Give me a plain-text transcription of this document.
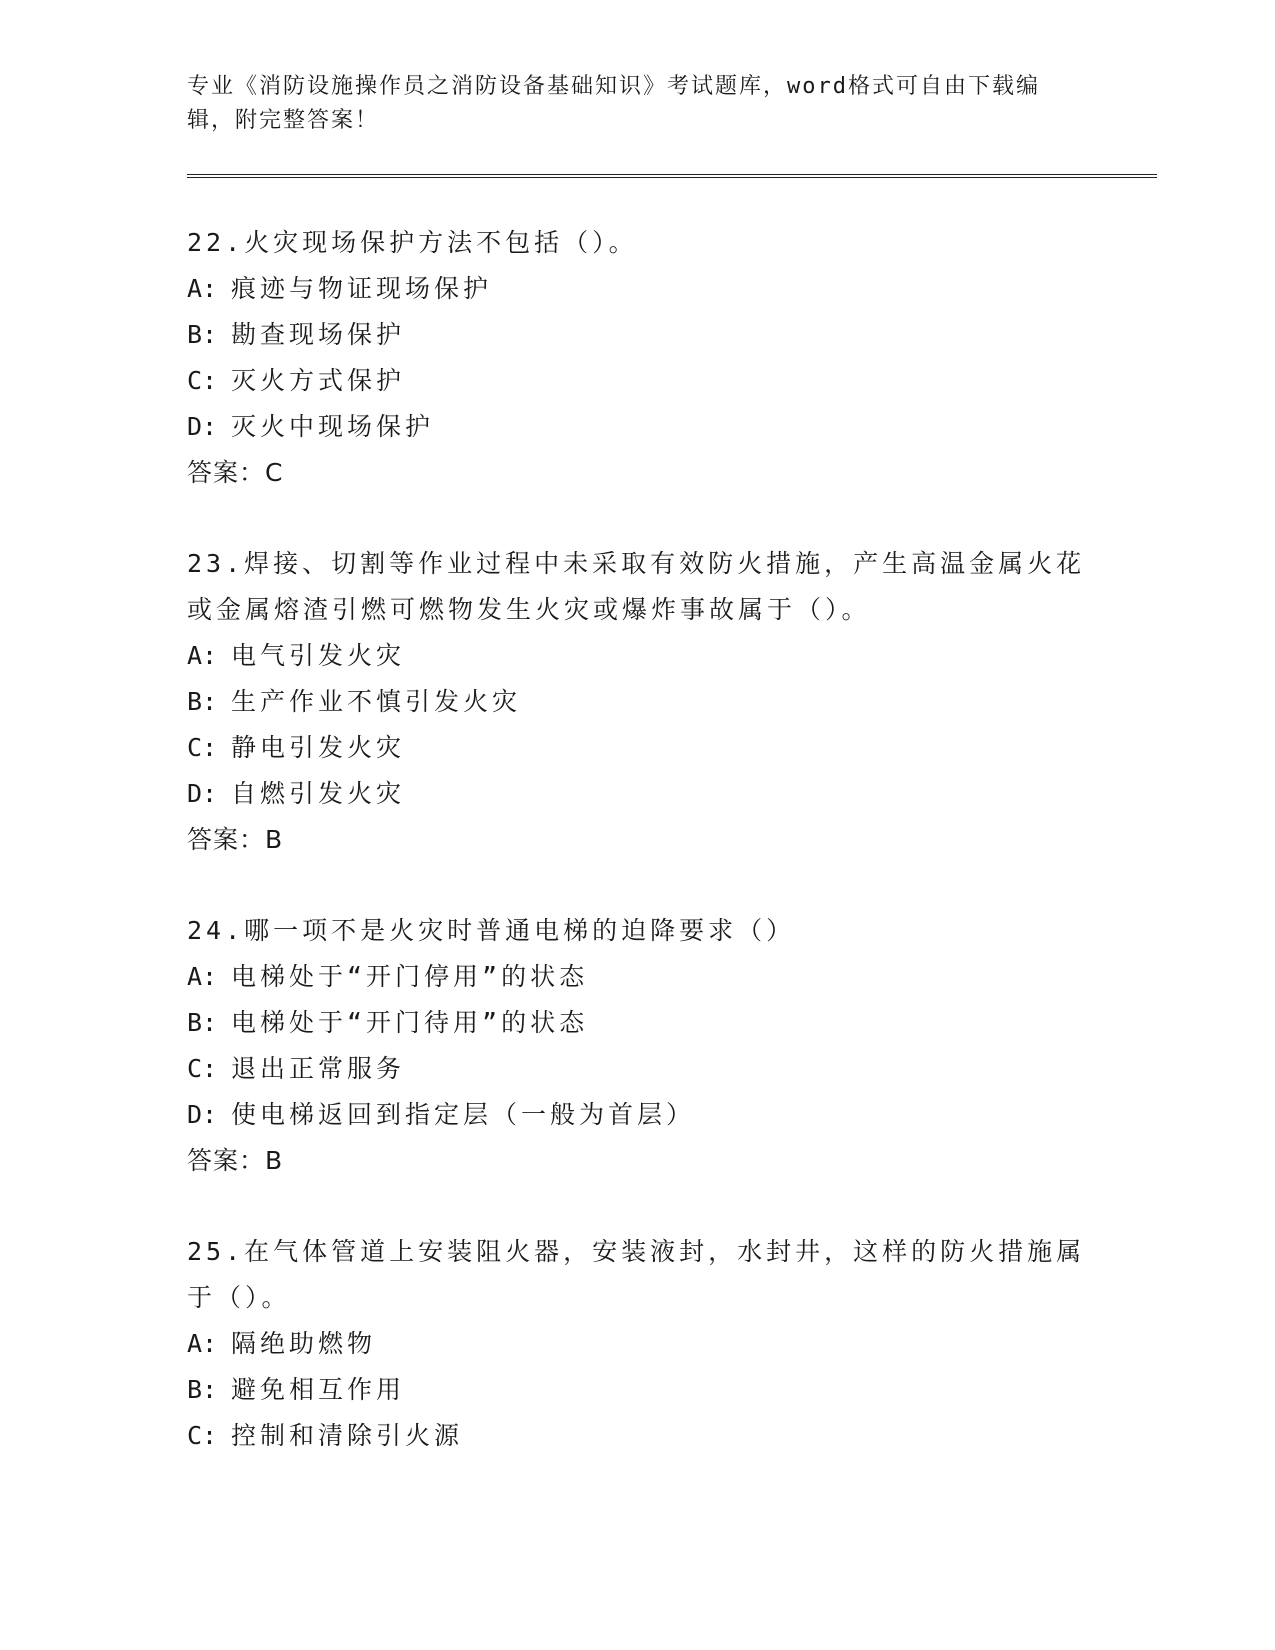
专业《消防设施操作员之消防设备基础知识》考试题库，word格式可自由下载编辑，附完整答案！

22.火灾现场保护方法不包括（）。

A: 痕迹与物证现场保护

B: 勘查现场保护

C: 灭火方式保护

D: 灭火中现场保护

答案：C

23.焊接、切割等作业过程中未采取有效防火措施，产生高温金属火花或金属熔渣引燃可燃物发生火灾或爆炸事故属于（）。

A: 电气引发火灾

B: 生产作业不慎引发火灾

C: 静电引发火灾

D: 自燃引发火灾

答案：B

24.哪一项不是火灾时普通电梯的迫降要求（）

A: 电梯处于“开门停用”的状态

B: 电梯处于“开门待用”的状态

C: 退出正常服务

D: 使电梯返回到指定层（一般为首层）

答案：B

25.在气体管道上安装阻火器，安装液封，水封井，这样的防火措施属于（）。

A: 隔绝助燃物

B: 避免相互作用

C: 控制和清除引火源
